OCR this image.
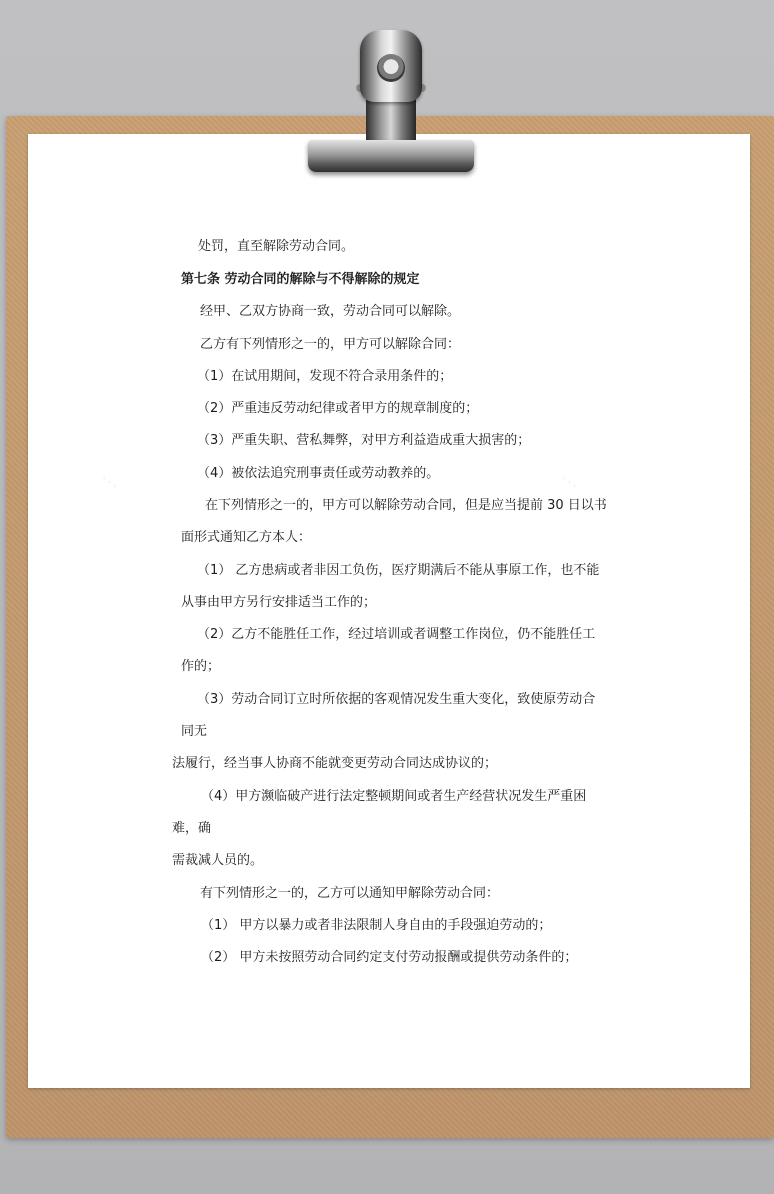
···	···
处罚，直至解除劳动合同。
第七条 劳动合同的解除与不得解除的规定
经甲、乙双方协商一致，劳动合同可以解除。
乙方有下列情形之一的，甲方可以解除合同：
（1）在试用期间，发现不符合录用条件的；
（2）严重违反劳动纪律或者甲方的规章制度的；
（3）严重失职、营私舞弊，对甲方利益造成重大损害的；
（4）被依法追究刑事责任或劳动教养的。
在下列情形之一的，甲方可以解除劳动合同，但是应当提前 30 日以书
面形式通知乙方本人：
（1） 乙方患病或者非因工负伤，医疗期满后不能从事原工作，也不能
从事由甲方另行安排适当工作的；
（2）乙方不能胜任工作，经过培训或者调整工作岗位，仍不能胜任工
作的；
（3）劳动合同订立时所依据的客观情况发生重大变化，致使原劳动合
同无
法履行，经当事人协商不能就变更劳动合同达成协议的；
（4）甲方濒临破产进行法定整顿期间或者生产经营状况发生严重困
难，确
需裁减人员的。
有下列情形之一的，乙方可以通知甲解除劳动合同：
（1） 甲方以暴力或者非法限制人身自由的手段强迫劳动的；
（2） 甲方未按照劳动合同约定支付劳动报酬或提供劳动条件的；
